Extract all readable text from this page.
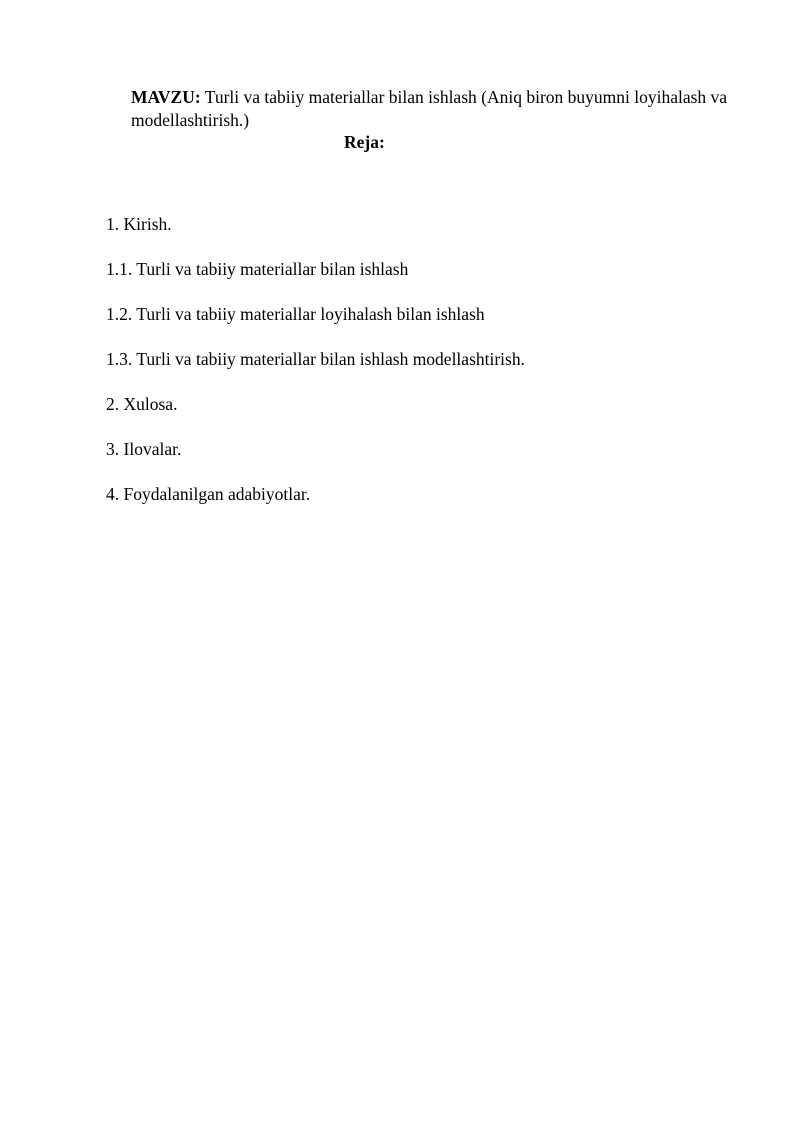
MAVZU: Turli va tabiiy materiallar bilan ishlash (Aniq biron buyumni loyihalash va modellashtirish.)

Reja:

1. Kirish.
1.1. Turli va tabiiy materiallar bilan ishlash
1.2. Turli va tabiiy materiallar loyihalash bilan ishlash
1.3. Turli va tabiiy materiallar bilan ishlash modellashtirish.
2. Xulosa.
3. Ilovalar.
4. Foydalanilgan adabiyotlar.
